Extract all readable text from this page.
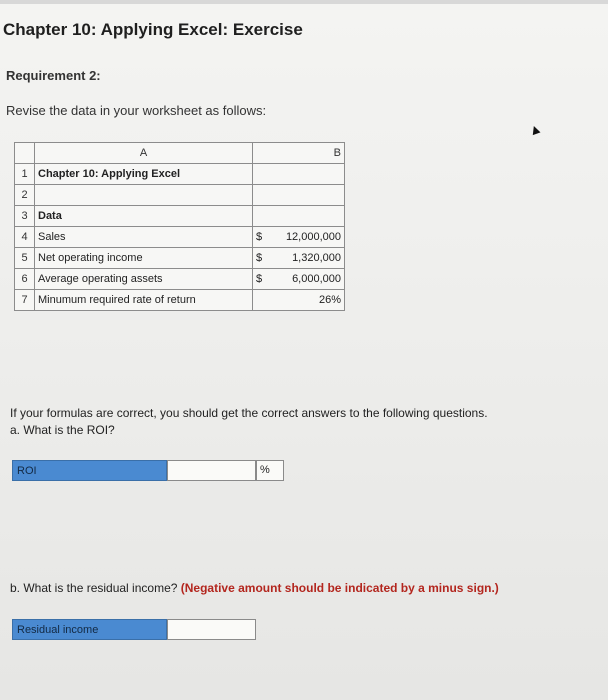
Chapter 10: Applying Excel: Exercise
Requirement 2:
Revise the data in your worksheet as follows:
▲
	A	B
1	Chapter 10: Applying Excel	
2		
3	Data	
4	Sales	$ 12,000,000

5	Net operating income	$ 1,320,000

6	Average operating assets	$ 6,000,000

7	Minumum required rate of return	26%
If your formulas are correct, you should get the correct answers to the following questions.
a. What is the ROI?
ROI	%
b. What is the residual income? (Negative amount should be indicated by a minus sign.)
Residual income
